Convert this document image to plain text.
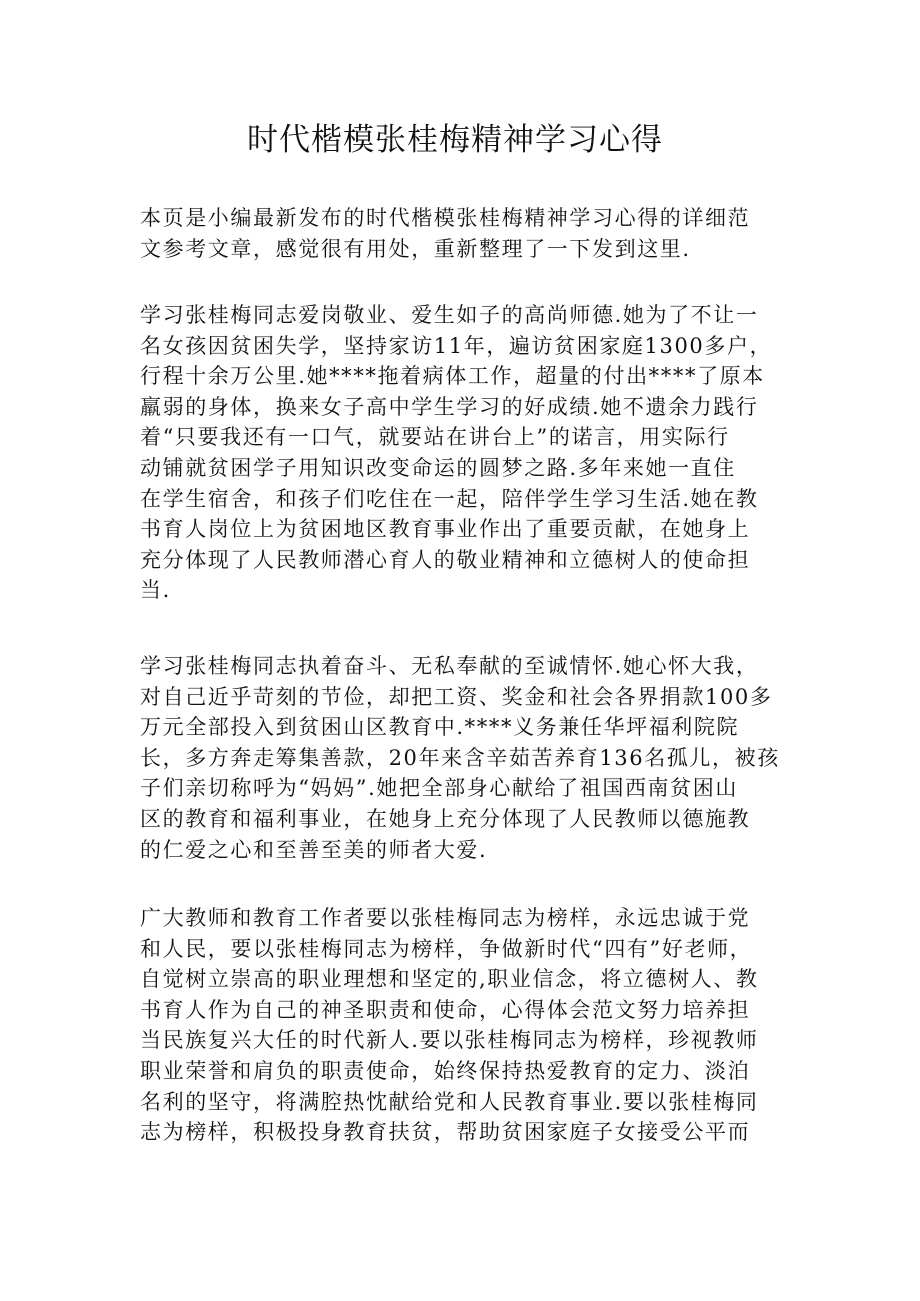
时代楷模张桂梅精神学习心得
本页是小编最新发布的时代楷模张桂梅精神学习心得的详细范
文参考文章，感觉很有用处，重新整理了一下发到这里.
学习张桂梅同志爱岗敬业、爱生如子的高尚师德.她为了不让一
名女孩因贫困失学，坚持家访11年，遍访贫困家庭1300多户，
行程十余万公里.她****拖着病体工作，超量的付出****了原本
羸弱的身体，换来女子高中学生学习的好成绩.她不遗余力践行
着“只要我还有一口气，就要站在讲台上”的诺言，用实际行
动铺就贫困学子用知识改变命运的圆梦之路.多年来她一直住
在学生宿舍，和孩子们吃住在一起，陪伴学生学习生活.她在教
书育人岗位上为贫困地区教育事业作出了重要贡献，在她身上
充分体现了人民教师潜心育人的敬业精神和立德树人的使命担
当.
学习张桂梅同志执着奋斗、无私奉献的至诚情怀.她心怀大我，
对自己近乎苛刻的节俭，却把工资、奖金和社会各界捐款100多
万元全部投入到贫困山区教育中.****义务兼任华坪福利院院
长，多方奔走筹集善款，20年来含辛茹苦养育136名孤儿，被孩
子们亲切称呼为“妈妈”.她把全部身心献给了祖国西南贫困山
区的教育和福利事业，在她身上充分体现了人民教师以德施教
的仁爱之心和至善至美的师者大爱.
广大教师和教育工作者要以张桂梅同志为榜样，永远忠诚于党
和人民，要以张桂梅同志为榜样，争做新时代“四有”好老师，
自觉树立崇高的职业理想和坚定的,职业信念，将立德树人、教
书育人作为自己的神圣职责和使命，心得体会范文努力培养担
当民族复兴大任的时代新人.要以张桂梅同志为榜样，珍视教师
职业荣誉和肩负的职责使命，始终保持热爱教育的定力、淡泊
名利的坚守，将满腔热忱献给党和人民教育事业.要以张桂梅同
志为榜样，积极投身教育扶贫，帮助贫困家庭子女接受公平而
